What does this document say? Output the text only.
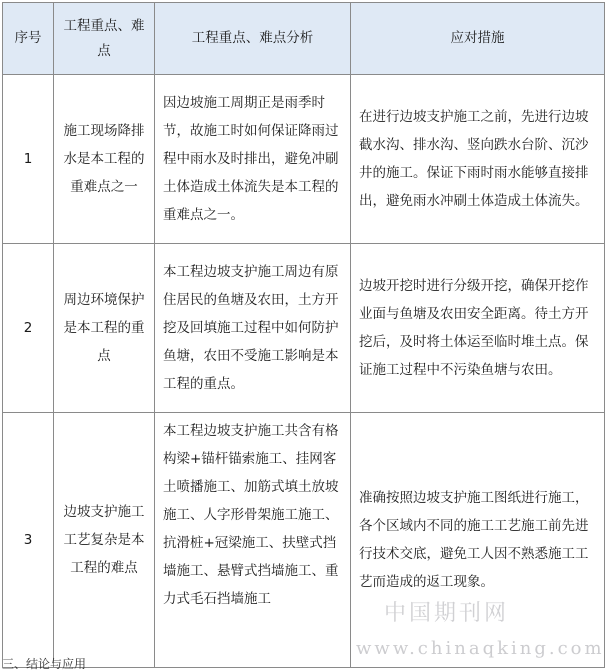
序号	工程重点、难点	工程重点、难点分析	应对措施
1	施工现场降排水是本工程的重难点之一	因边坡施工周期正是雨季时节，故施工时如何保证降雨过程中雨水及时排出，避免冲刷土体造成土体流失是本工程的重难点之一。	在进行边坡支护施工之前，先进行边坡截水沟、排水沟、竖向跌水台阶、沉沙井的施工。保证下雨时雨水能够直接排出，避免雨水冲刷土体造成土体流失。
2	周边环境保护是本工程的重点	本工程边坡支护施工周边有原住居民的鱼塘及农田，土方开挖及回填施工过程中如何防护鱼塘，农田不受施工影响是本工程的重点。	边坡开挖时进行分级开挖，确保开挖作业面与鱼塘及农田安全距离。待土方开挖后，及时将土体运至临时堆土点。保证施工过程中不污染鱼塘与农田。
3	边坡支护施工工艺复杂是本工程的难点	本工程边坡支护施工共含有格构梁+锚杆锚索施工、挂网客土喷播施工、加筋式填土放坡施工、人字形骨架施工施工、抗滑桩+冠梁施工、扶壁式挡墙施工、悬臂式挡墙施工、重力式毛石挡墙施工	准确按照边坡支护施工图纸进行施工，各个区域内不同的施工工艺施工前先进行技术交底，避免工人因不熟悉施工工艺而造成的返工现象。
三、结论与应用
中国期刊网
www.chinaqking.com
